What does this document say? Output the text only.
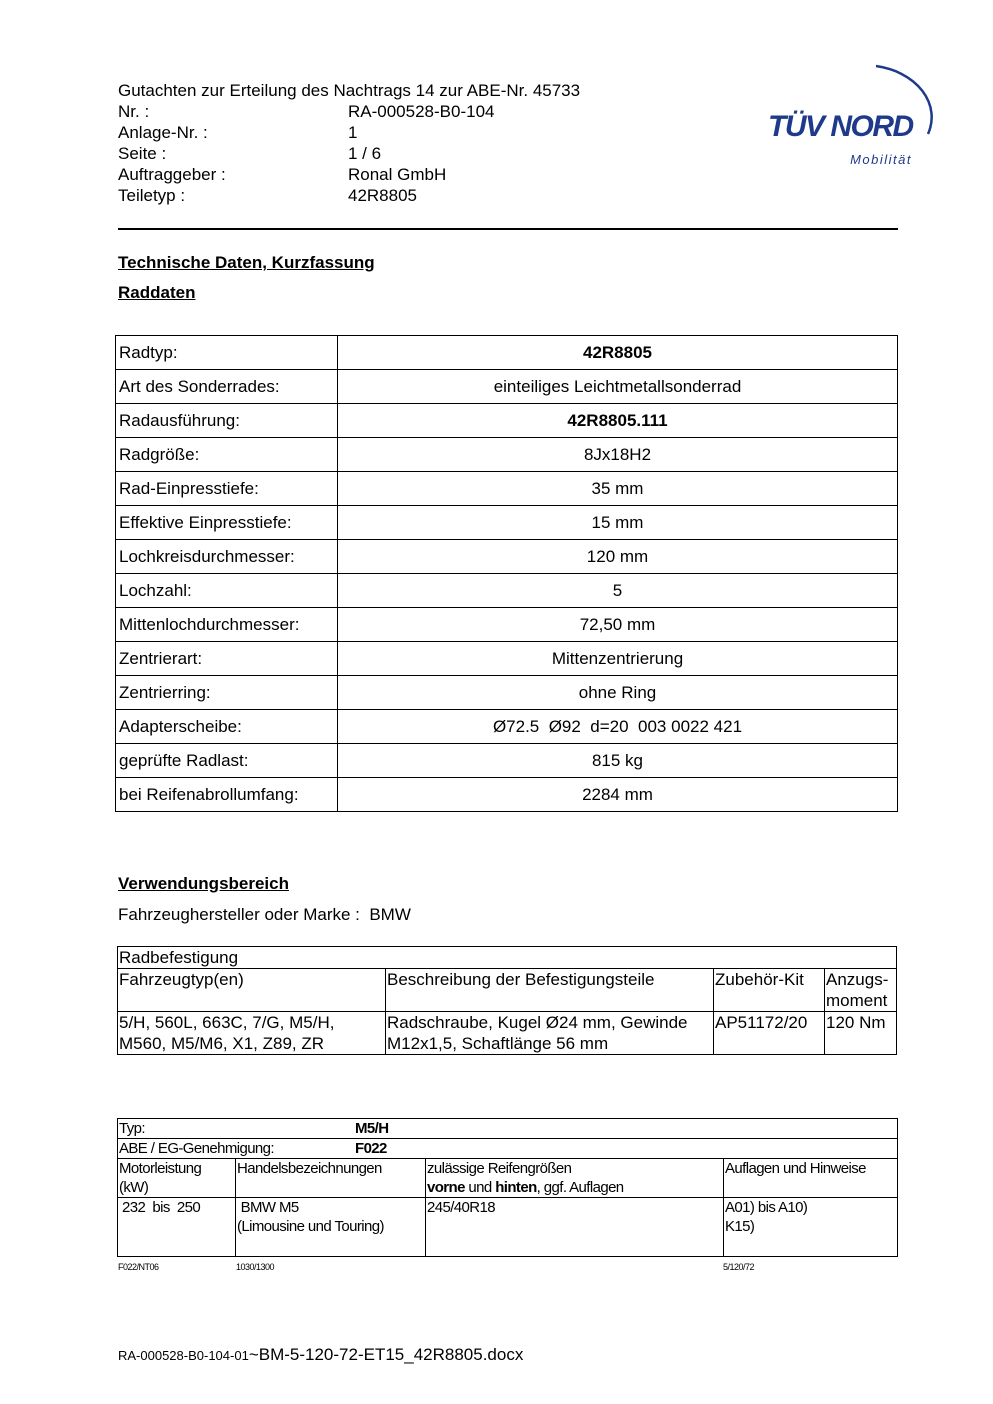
Gutachten zur Erteilung des Nachtrags 14 zur ABE-Nr. 45733
Nr. :	RA-000528-B0-104
Anlage-Nr. :	1
Seite :	1 / 6
Auftraggeber :	Ronal GmbH
Teiletyp :	42R8805
TÜV NORD
Mobilität
Technische Daten, Kurzfassung
Raddaten
Radtyp:	42R8805
Art des Sonderrades:	einteiliges Leichtmetallsonderrad
Radausführung:	42R8805.111
Radgröße:	8Jx18H2
Rad-Einpresstiefe:	35 mm
Effektive Einpresstiefe:	15 mm
Lochkreisdurchmesser:	120 mm
Lochzahl:	5
Mittenlochdurchmesser:	72,50 mm
Zentrierart:	Mittenzentrierung
Zentrierring:	ohne Ring
Adapterscheibe:	Ø72.5  Ø92  d=20  003 0022 421
geprüfte Radlast:	815 kg
bei Reifenabrollumfang:	2284 mm
Verwendungsbereich
Fahrzeughersteller oder Marke : BMW
Radbefestigung			
Fahrzeugtyp(en)	Beschreibung der Befestigungsteile	Zubehör-Kit	Anzugs-
moment
5/H, 560L, 663C, 7/G, M5/H,
M560, M5/M6, X1, Z89, ZR	Radschraube, Kugel Ø24 mm, Gewinde
M12x1,5, Schaftlänge 56 mm	AP51172/20	120 Nm
Typ: M5/H			

ABE / EG-Genehmigung: F022			

Motorleistung
(kW)	Handelsbezeichnungen	zulässige Reifengrößen
vorne und hinten, ggf. Auflagen	Auflagen und Hinweise
232  bis  250	BMW M5
(Limousine und Touring)	245/40R18	A01) bis A10)
K15)
F022/NT06	1030/1300	5/120/72
RA-000528-B0-104-01~BM-5-120-72-ET15_42R8805.docx
